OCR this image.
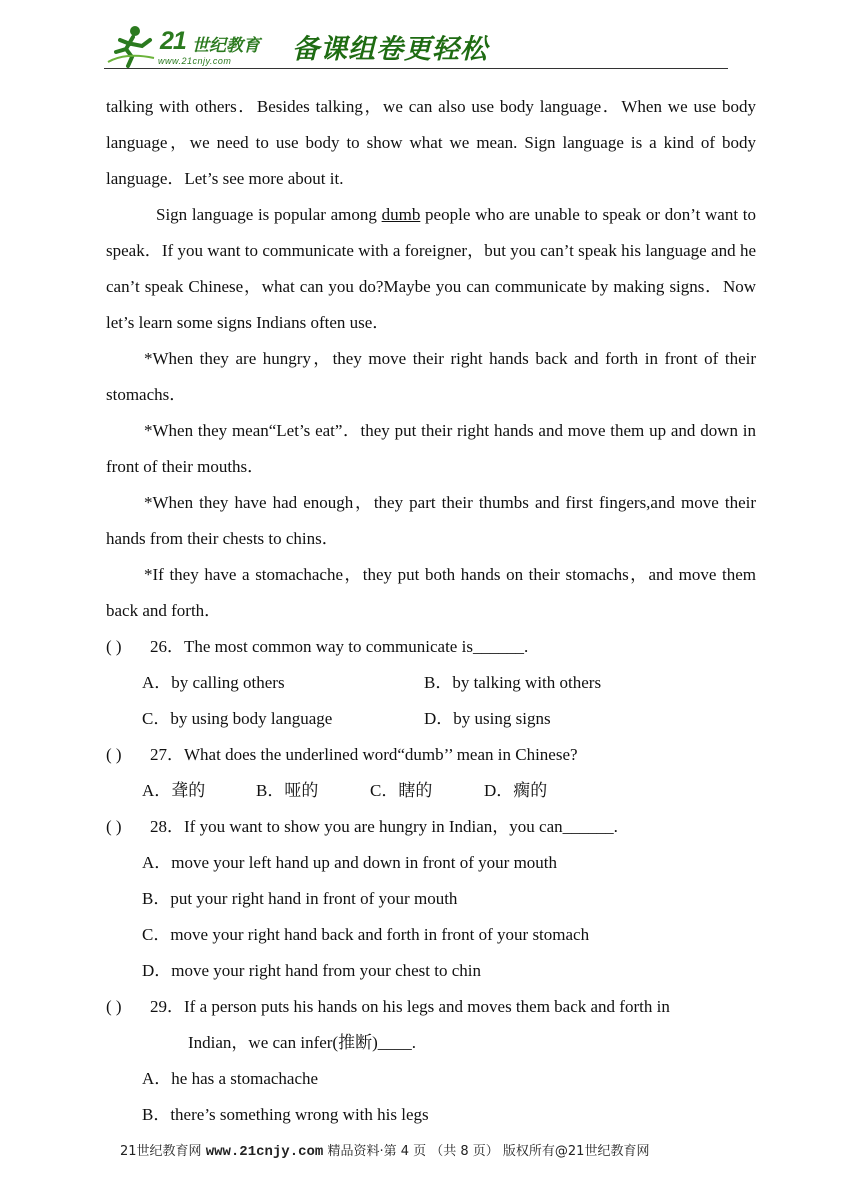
21 世纪教育
www.21cnjy.com 备课组卷更轻松

talking with others．Besides talking，we can also use body language．When we use body language，we need to use body to show what we mean. Sign language is a kind of body language．Let’s see more about it.

Sign language is popular among dumb people who are unable to speak or don’t want to speak．If you want to communicate with a foreigner，but you can’t speak his language and he can’t speak Chinese，what can you do?Maybe you can communicate by making signs．Now let’s learn some signs Indians often use．

*When they are hungry，they move their right hands back and forth in front of their stomachs．

*When they mean“Let’s eat”．they put their right hands and move them up and down in front of their mouths．

*When they have had enough，they part their thumbs and first fingers,and move their hands from their chests to chins．

*If they have a stomachache，they put both hands on their stomachs，and move them back and forth．

( ) 26．The most common way to communicate is______.

A．by calling others	B．by talking with others

C．by using body language	D．by using signs

( ) 27．What does the underlined word“dumb’’ mean in Chinese?

A．聋的	B．哑的	C．瞎的	D．瘸的

( ) 28．If you want to show you are hungry in Indian，you can______.

A．move your left hand up and down in front of your mouth

B．put your right hand in front of your mouth

C．move your right hand back and forth in front of your stomach

D．move your right hand from your chest to chin

( ) 29．If a person puts his hands on his legs and moves them back and forth in

Indian，we can infer(推断)____.

A．he has a stomachache

B．there’s something wrong with his legs

21世纪教育网 www.21cnjy.com 精品资料·第 4 页 （共 8 页） 版权所有@21世纪教育网
